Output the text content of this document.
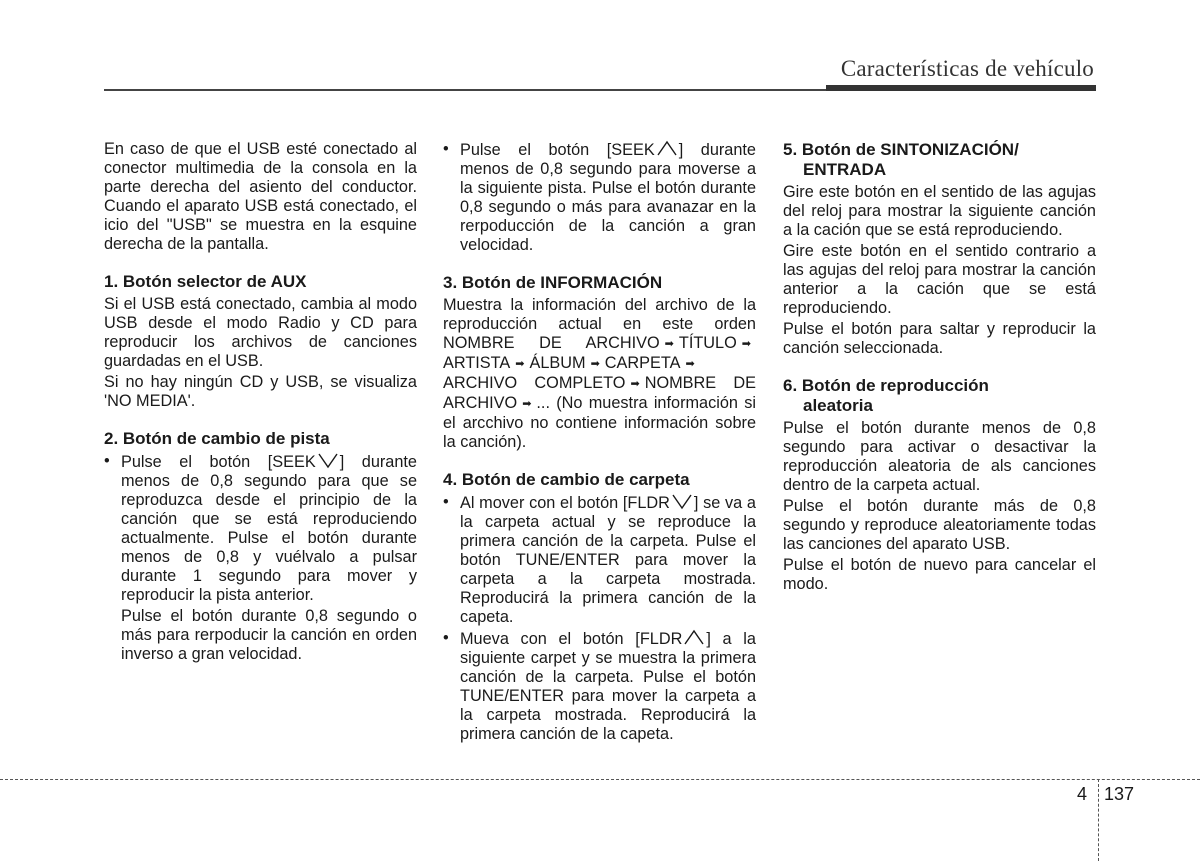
Características de vehículo

En caso de que el USB esté conectado al conector multimedia de la consola en la parte derecha del asiento del conductor. Cuando el aparato USB está conectado, el icio del "USB" se muestra en la esquine derecha de la pantalla.

1. Botón selector de AUX

Si el USB está conectado, cambia al modo USB desde el modo Radio y CD para reproducir los archivos de canciones guardadas en el USB.

Si no hay ningún CD y USB, se visualiza 'NO MEDIA'.

2. Botón de cambio de pista
• Pulse el botón [SEEK ] durante menos de 0,8 segundo para que se reproduzca desde el principio de la canción que se está reproduciendo actualmente. Pulse el botón durante menos de 0,8 y vuélvalo a pulsar durante 1 segundo para mover y reproducir la pista anterior.

Pulse el botón durante 0,8 segundo o más para rerpoducir la canción en orden inverso a gran velocidad.

• Pulse el botón [SEEK ] durante menos de 0,8 segundo para moverse a la siguiente pista. Pulse el botón durante 0,8 segundo o más para avanazar en la rerpoducción de la canción a gran velocidad.
3. Botón de INFORMACIÓN

Muestra la información del archivo de la reproducción actual en este orden NOMBRE DE ARCHIVO ➡ TÍTULO ➡ARTISTA ➡ ÁLBUM ➡ CARPETA ➡ARCHIVO COMPLETO ➡ NOMBRE DE ARCHIVO ➡ ... (No muestra información si el arcchivo no contiene información sobre la canción).

4. Botón de cambio de carpeta
• Al mover con el botón [FLDR ] se va a la carpeta actual y se reproduce la primera canción de la carpeta. Pulse el botón TUNE/ENTER para mover la carpeta a la carpeta mostrada. Reproducirá la primera canción de la capeta.
• Mueva con el botón [FLDR ] a la siguiente carpet y se muestra la primera canción de la carpeta. Pulse el botón TUNE/ENTER para mover la carpeta a la carpeta mostrada. Reproducirá la primera canción de la capeta.
5. Botón de SINTONIZACIÓN/
ENTRADA

Gire este botón en el sentido de las agujas del reloj para mostrar la siguiente canción a la cación que se está reproduciendo.

Gire este botón en el sentido contrario a las agujas del reloj para mostrar la canción anterior a la cación que se está reproduciendo.

Pulse el botón para saltar y reproducir la canción seleccionada.

6. Botón de reproducción
aleatoria

Pulse el botón durante menos de 0,8 segundo para activar o desactivar la reproducción aleatoria de als canciones dentro de la carpeta actual.

Pulse el botón durante más de 0,8 segundo y reproduce aleatoriamente todas las canciones del aparato USB.

Pulse el botón de nuevo para cancelar el modo.

4 137
